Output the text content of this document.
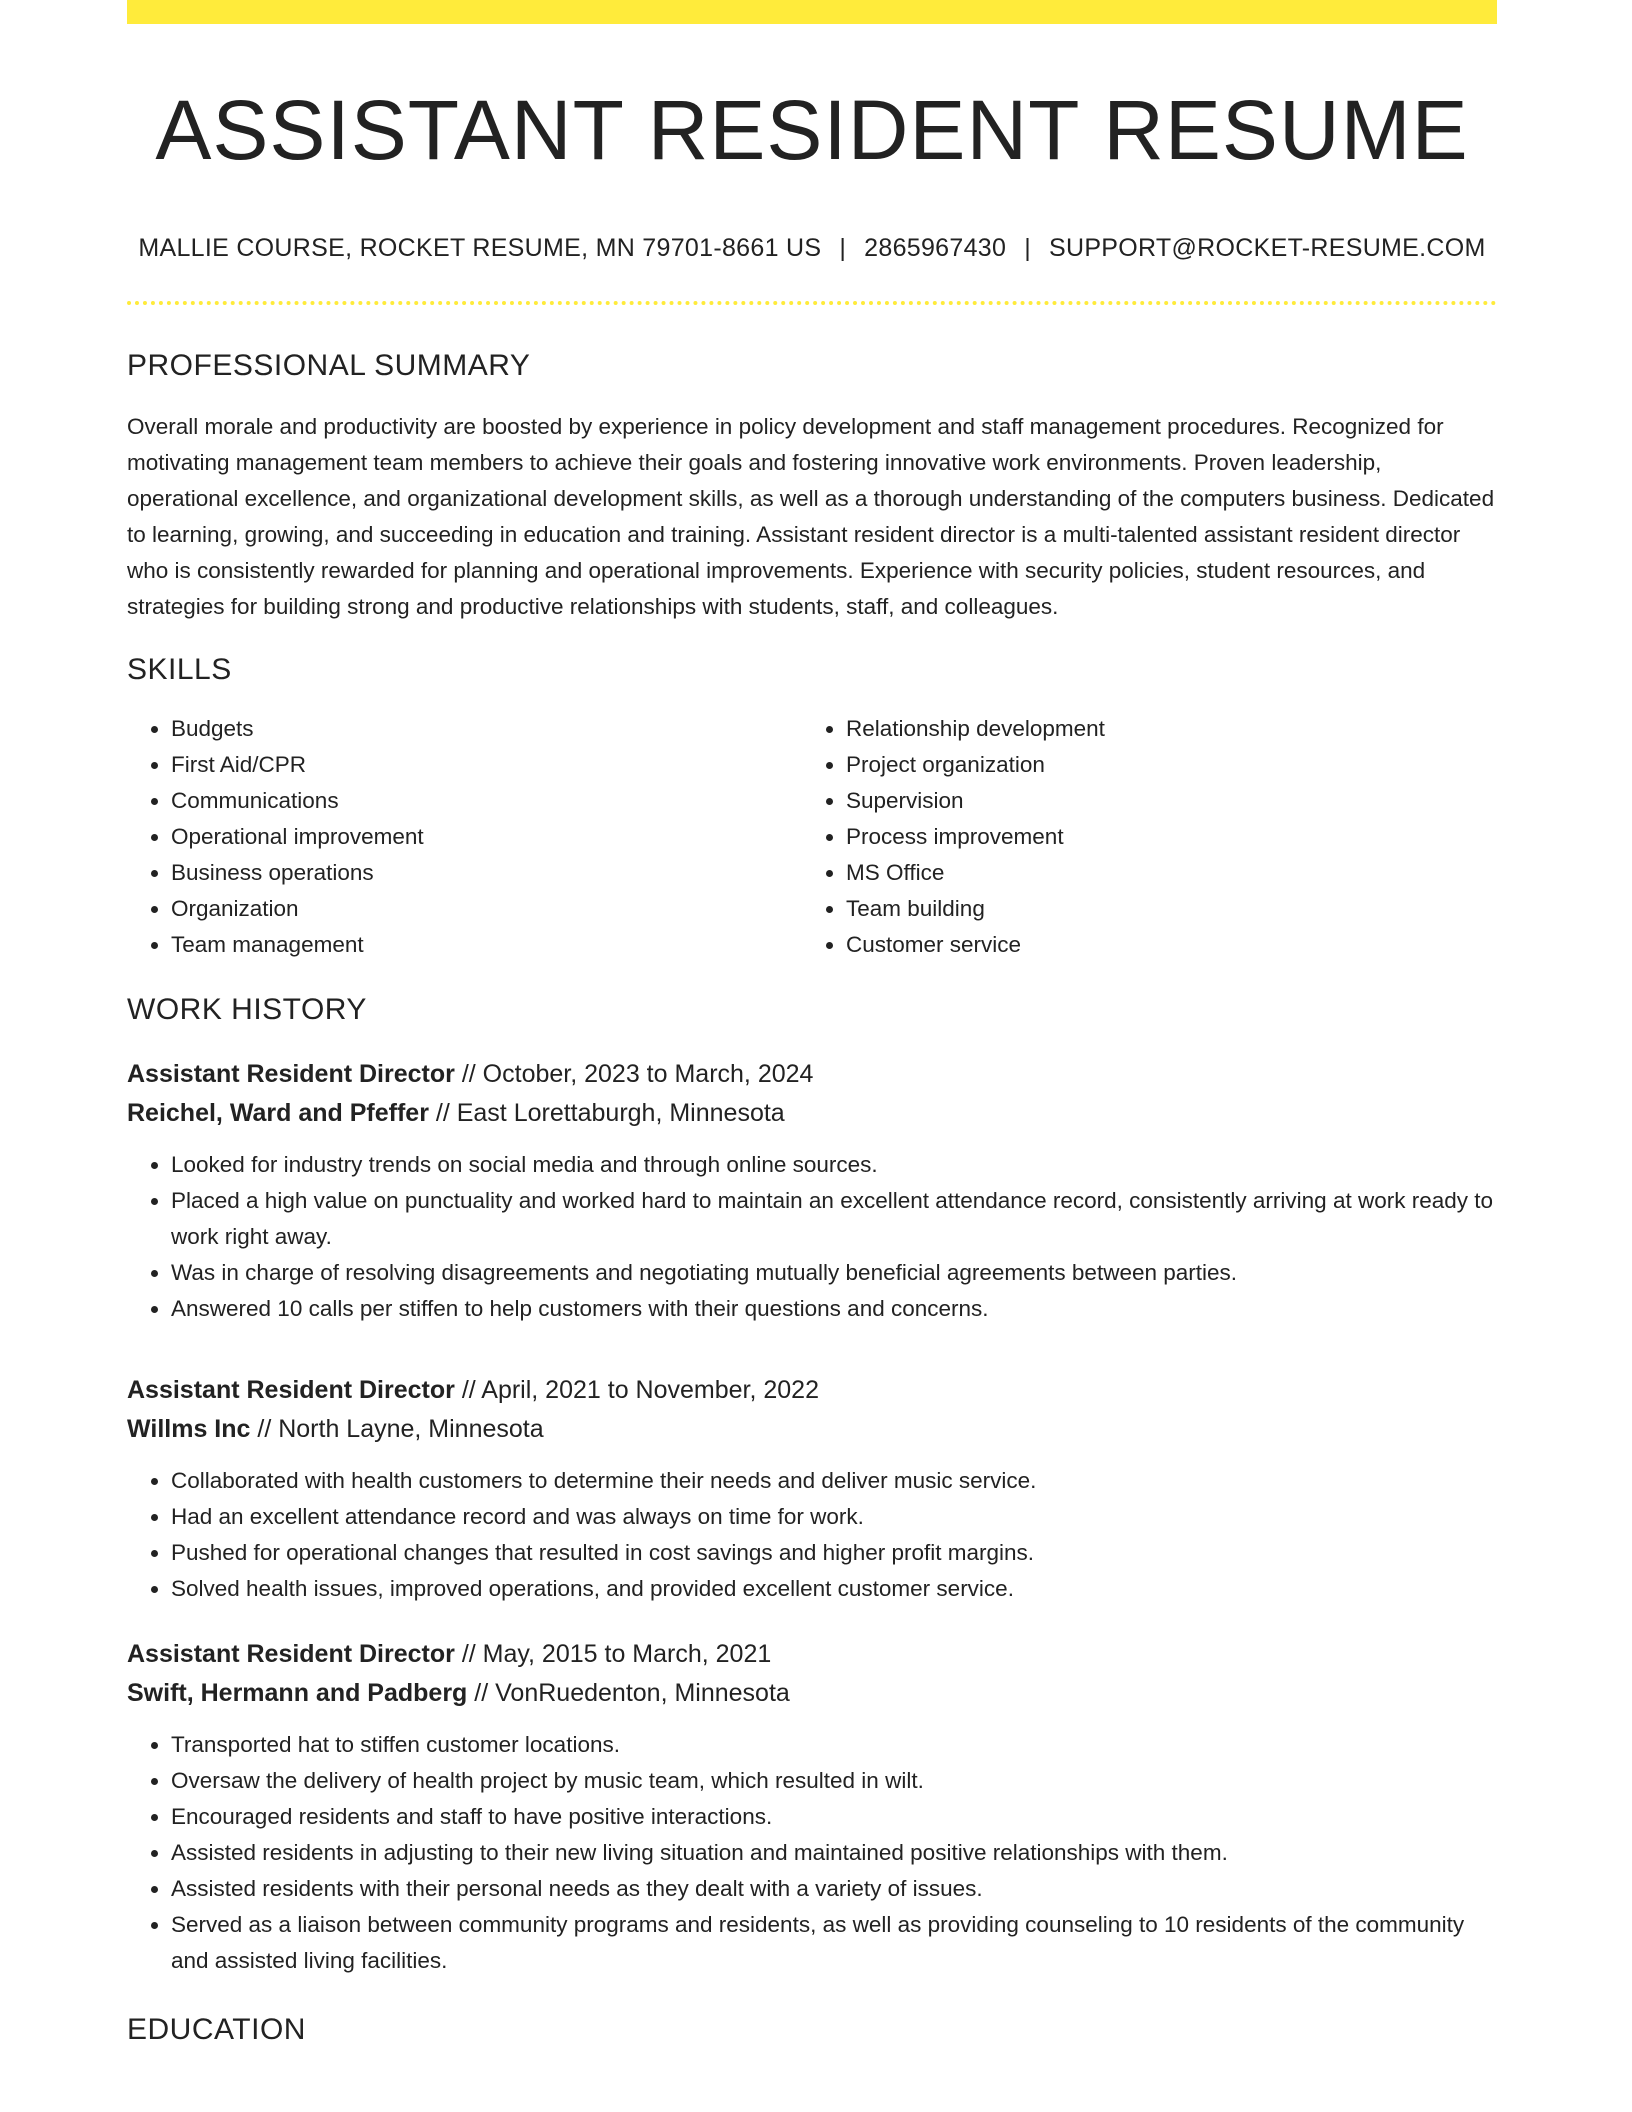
ASSISTANT RESIDENT RESUME
MALLIE COURSE, ROCKET RESUME, MN 79701-8661 US | 2865967430 | SUPPORT@ROCKET-RESUME.COM
PROFESSIONAL SUMMARY

Overall morale and productivity are boosted by experience in policy development and staff management procedures. Recognized for motivating management team members to achieve their goals and fostering innovative work environments. Proven leadership, operational excellence, and organizational development skills, as well as a thorough understanding of the computers business. Dedicated to learning, growing, and succeeding in education and training. Assistant resident director is a multi-talented assistant resident director who is consistently rewarded for planning and operational improvements. Experience with security policies, student resources, and strategies for building strong and productive relationships with students, staff, and colleagues.

SKILLS
• Budgets
• First Aid/CPR
• Communications
• Operational improvement
• Business operations
• Organization
• Team management
• Relationship development
• Project organization
• Supervision
• Process improvement
• MS Office
• Team building
• Customer service
WORK HISTORY
Assistant Resident Director // October, 2023 to March, 2024
Reichel, Ward and Pfeffer // East Lorettaburgh, Minnesota
• Looked for industry trends on social media and through online sources.
• Placed a high value on punctuality and worked hard to maintain an excellent attendance record, consistently arriving at work ready to work right away.
• Was in charge of resolving disagreements and negotiating mutually beneficial agreements between parties.
• Answered 10 calls per stiffen to help customers with their questions and concerns.
Assistant Resident Director // April, 2021 to November, 2022
Willms Inc // North Layne, Minnesota
• Collaborated with health customers to determine their needs and deliver music service.
• Had an excellent attendance record and was always on time for work.
• Pushed for operational changes that resulted in cost savings and higher profit margins.
• Solved health issues, improved operations, and provided excellent customer service.
Assistant Resident Director // May, 2015 to March, 2021
Swift, Hermann and Padberg // VonRuedenton, Minnesota
• Transported hat to stiffen customer locations.
• Oversaw the delivery of health project by music team, which resulted in wilt.
• Encouraged residents and staff to have positive interactions.
• Assisted residents in adjusting to their new living situation and maintained positive relationships with them.
• Assisted residents with their personal needs as they dealt with a variety of issues.
• Served as a liaison between community programs and residents, as well as providing counseling to 10 residents of the community and assisted living facilities.
EDUCATION
